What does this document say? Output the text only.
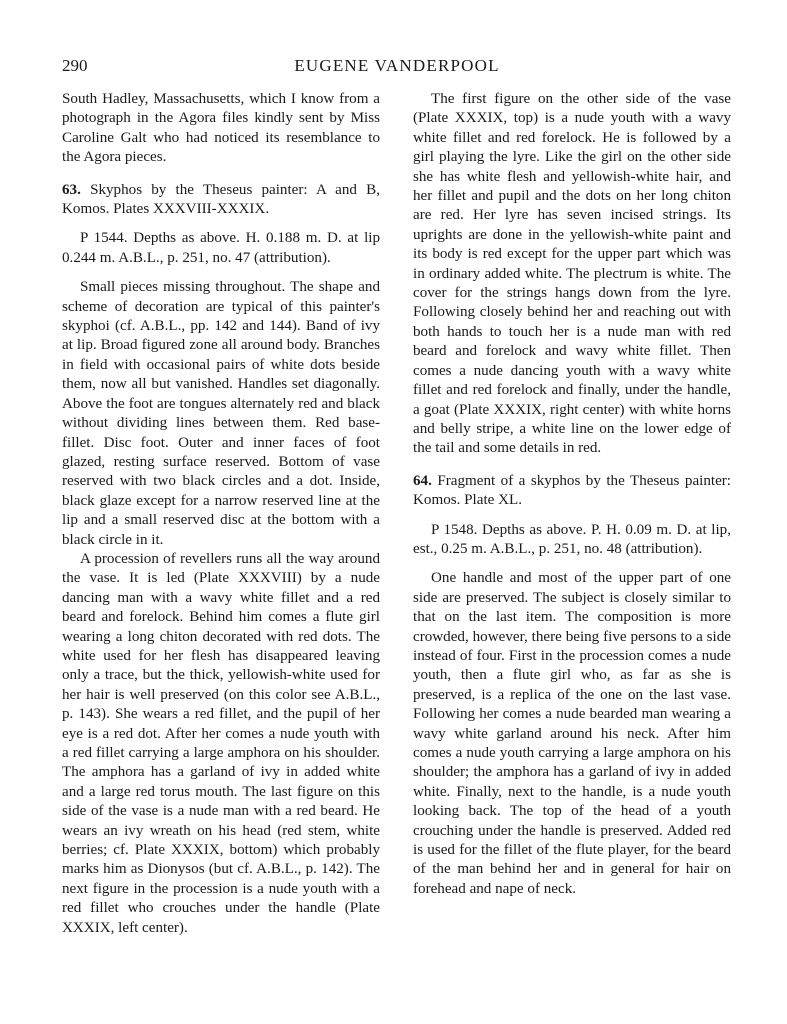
290	EUGENE VANDERPOOL

South Hadley, Massachusetts, which I know from a photograph in the Agora files kindly sent by Miss Caroline Galt who had noticed its resemblance to the Agora pieces.

63. Skyphos by the Theseus painter: A and B, Komos. Plates XXXVIII-XXXIX.

P 1544. Depths as above. H. 0.188 m. D. at lip 0.244 m. A.B.L., p. 251, no. 47 (attribution).

Small pieces missing throughout. The shape and scheme of decoration are typical of this painter's skyphoi (cf. A.B.L., pp. 142 and 144). Band of ivy at lip. Broad figured zone all around body. Branches in field with occasional pairs of white dots beside them, now all but vanished. Handles set diagonally. Above the foot are tongues alternately red and black without dividing lines between them. Red base-fillet. Disc foot. Outer and inner faces of foot glazed, resting surface reserved. Bottom of vase reserved with two black circles and a dot. Inside, black glaze except for a narrow reserved line at the lip and a small reserved disc at the bottom with a black circle in it.

A procession of revellers runs all the way around the vase. It is led (Plate XXXVIII) by a nude dancing man with a wavy white fillet and a red beard and forelock. Behind him comes a flute girl wearing a long chiton decorated with red dots. The white used for her flesh has disappeared leaving only a trace, but the thick, yellowish-white used for her hair is well preserved (on this color see A.B.L., p. 143). She wears a red fillet, and the pupil of her eye is a red dot. After her comes a nude youth with a red fillet carrying a large amphora on his shoulder. The amphora has a garland of ivy in added white and a large red torus mouth. The last figure on this side of the vase is a nude man with a red beard. He wears an ivy wreath on his head (red stem, white berries; cf. Plate XXXIX, bottom) which probably marks him as Dionysos (but cf. A.B.L., p. 142). The next figure in the procession is a nude youth with a red fillet who crouches under the handle (Plate XXXIX, left center).

The first figure on the other side of the vase (Plate XXXIX, top) is a nude youth with a wavy white fillet and red forelock. He is followed by a girl playing the lyre. Like the girl on the other side she has white flesh and yellowish-white hair, and her fillet and pupil and the dots on her long chiton are red. Her lyre has seven incised strings. Its uprights are done in the yellowish-white paint and its body is red except for the upper part which was in ordinary added white. The plectrum is white. The cover for the strings hangs down from the lyre. Following closely behind her and reaching out with both hands to touch her is a nude man with red beard and forelock and wavy white fillet. Then comes a nude dancing youth with a wavy white fillet and red forelock and finally, under the handle, a goat (Plate XXXIX, right center) with white horns and belly stripe, a white line on the lower edge of the tail and some details in red.

64. Fragment of a skyphos by the Theseus painter: Komos. Plate XL.

P 1548. Depths as above. P. H. 0.09 m. D. at lip, est., 0.25 m. A.B.L., p. 251, no. 48 (attribution).

One handle and most of the upper part of one side are preserved. The subject is closely similar to that on the last item. The composition is more crowded, however, there being five persons to a side instead of four. First in the procession comes a nude youth, then a flute girl who, as far as she is preserved, is a replica of the one on the last vase. Following her comes a nude bearded man wearing a wavy white garland around his neck. After him comes a nude youth carrying a large amphora on his shoulder; the amphora has a garland of ivy in added white. Finally, next to the handle, is a nude youth looking back. The top of the head of a youth crouching under the handle is preserved. Added red is used for the fillet of the flute player, for the beard of the man behind her and in general for hair on forehead and nape of neck.
